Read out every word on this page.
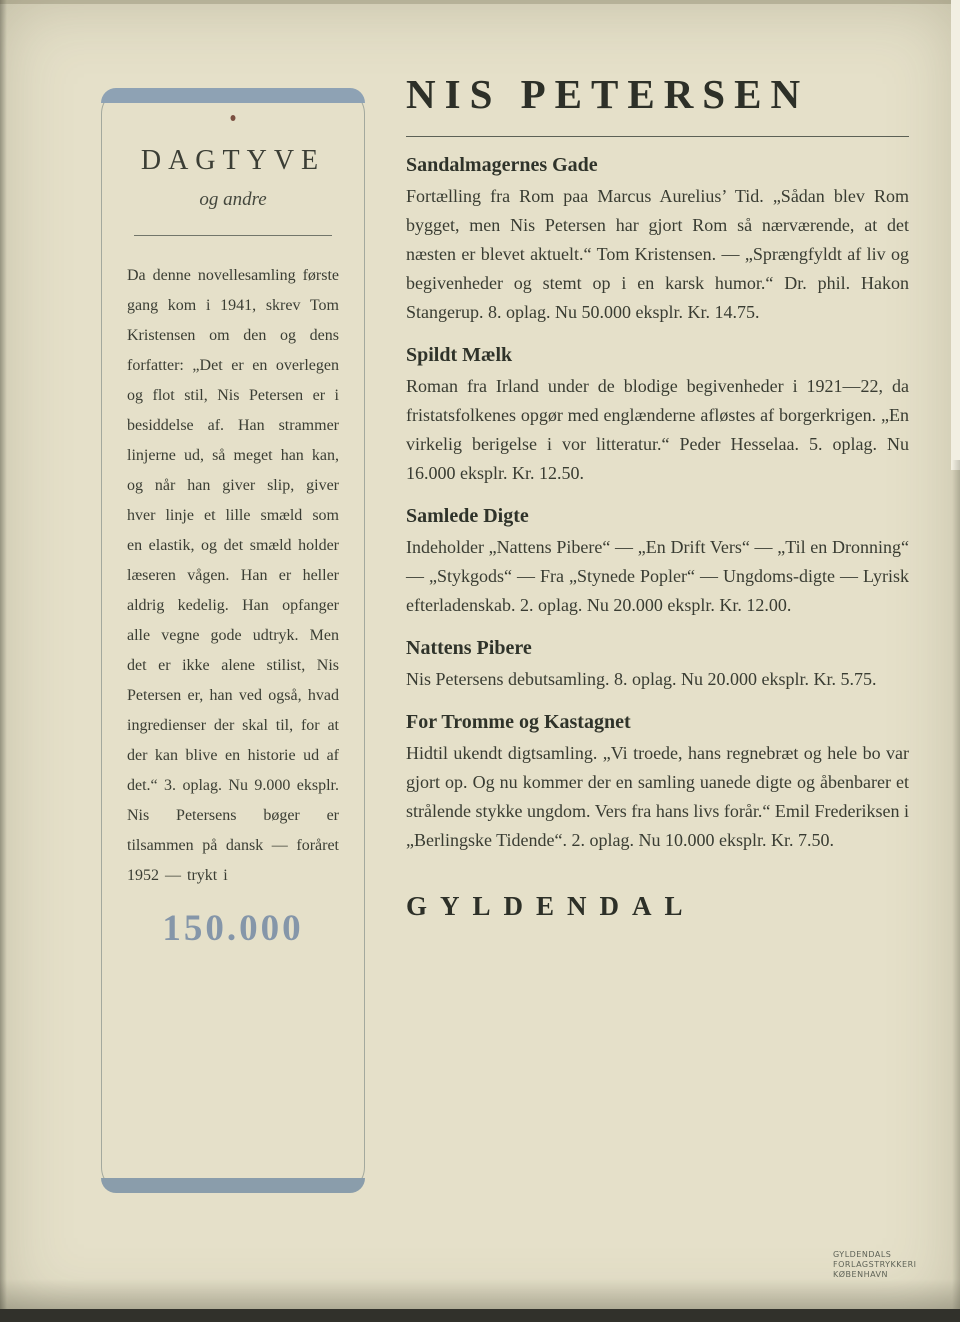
DAGTYVE
og andre
Da denne novellesamling første gang kom i 1941, skrev Tom Kristensen om den og dens forfatter: „Det er en overlegen og flot stil, Nis Petersen er i besiddelse af. Han strammer linjerne ud, så meget han kan, og når han giver slip, giver hver linje et lille smæld som en elastik, og det smæld holder læseren vågen. Han er heller aldrig kedelig. Han opfanger alle vegne gode udtryk. Men det er ikke alene stilist, Nis Petersen er, han ved også, hvad ingredienser der skal til, for at der kan blive en historie ud af det.“ 3. oplag. Nu 9.000 eksplr. Nis Petersens bøger er tilsammen på dansk — foråret 1952 — trykt i
150.000
NIS PETERSEN
Sandalmagernes Gade
Fortælling fra Rom paa Marcus Aurelius’ Tid. „Sådan blev Rom bygget, men Nis Petersen har gjort Rom så nærværende, at det næsten er blevet aktuelt.“ Tom Kristensen. — „Sprængfyldt af liv og begivenheder og stemt op i en karsk humor.“ Dr. phil. Hakon Stangerup. 8. oplag. Nu 50.000 eksplr. Kr. 14.75.
Spildt Mælk
Roman fra Irland under de blodige begivenheder i 1921—22, da fristatsfolkenes opgør med englænderne afløstes af borgerkrigen. „En virkelig berigelse i vor litteratur.“ Peder Hesselaa. 5. oplag. Nu 16.000 eksplr. Kr. 12.50.
Samlede Digte
Indeholder „Nattens Pibere“ — „En Drift Vers“ — „Til en Dronning“ — „Stykgods“ — Fra „Stynede Popler“ — Ungdoms-digte — Lyrisk efterladenskab. 2. oplag. Nu 20.000 eksplr. Kr. 12.00.
Nattens Pibere
Nis Petersens debutsamling. 8. oplag. Nu 20.000 eksplr. Kr. 5.75.
For Tromme og Kastagnet
Hidtil ukendt digtsamling. „Vi troede, hans regnebræt og hele bo var gjort op. Og nu kommer der en samling uanede digte og åbenbarer et strålende stykke ungdom. Vers fra hans livs forår.“ Emil Frederiksen i „Berlingske Tidende“. 2. oplag. Nu 10.000 eksplr. Kr. 7.50.
GYLDENDAL
GYLDENDALS
FORLAGSTRYKKERI
KØBENHAVN
